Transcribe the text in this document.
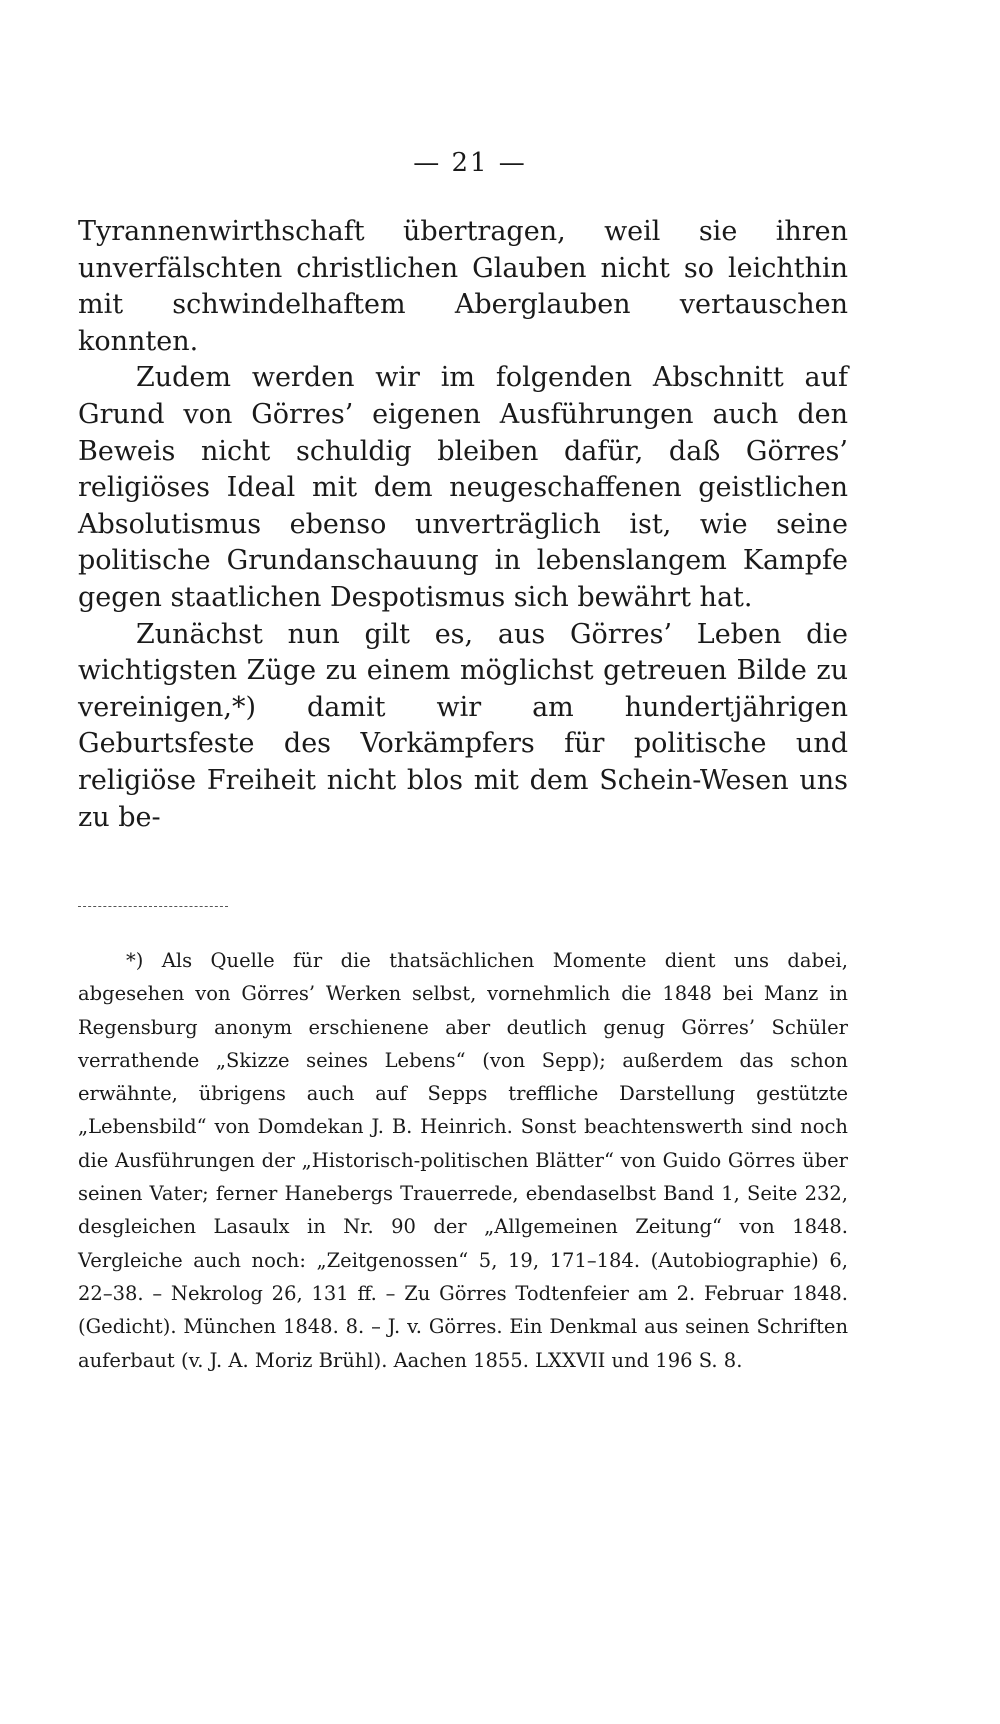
— 21 —

Tyrannenwirthschaft übertragen, weil sie ihren unverfälschten christlichen Glauben nicht so leichthin mit schwindelhaftem Aberglauben vertauschen konnten.

Zudem werden wir im folgenden Abschnitt auf Grund von Görres’ eigenen Ausführungen auch den Beweis nicht schuldig bleiben dafür, daß Görres’ religiöses Ideal mit dem neugeschaffenen geistlichen Absolutismus ebenso unverträglich ist, wie seine politische Grundanschauung in lebenslangem Kampfe gegen staatlichen Despotismus sich bewährt hat.

Zunächst nun gilt es, aus Görres’ Leben die wichtigsten Züge zu einem möglichst getreuen Bilde zu vereinigen,*) damit wir am hundertjährigen Geburtsfeste des Vorkämpfers für politische und religiöse Freiheit nicht blos mit dem Schein-Wesen uns zu be-

*) Als Quelle für die thatsächlichen Momente dient uns dabei, abgesehen von Görres’ Werken selbst, vornehmlich die 1848 bei Manz in Regensburg anonym erschienene aber deutlich genug Görres’ Schüler verrathende „Skizze seines Lebens“ (von Sepp); außerdem das schon erwähnte, übrigens auch auf Sepps treffliche Darstellung gestützte „Lebensbild“ von Domdekan J. B. Heinrich. Sonst beachtenswerth sind noch die Ausführungen der „Historisch-politischen Blätter“ von Guido Görres über seinen Vater; ferner Hanebergs Trauerrede, ebendaselbst Band 1, Seite 232, desgleichen Lasaulx in Nr. 90 der „Allgemeinen Zeitung“ von 1848. Vergleiche auch noch: „Zeitgenossen“ 5, 19, 171–184. (Autobiographie) 6, 22–38. – Nekrolog 26, 131 ff. – Zu Görres Todtenfeier am 2. Februar 1848. (Gedicht). München 1848. 8. – J. v. Görres. Ein Denkmal aus seinen Schriften auferbaut (v. J. A. Moriz Brühl). Aachen 1855. LXXVII und 196 S. 8.
